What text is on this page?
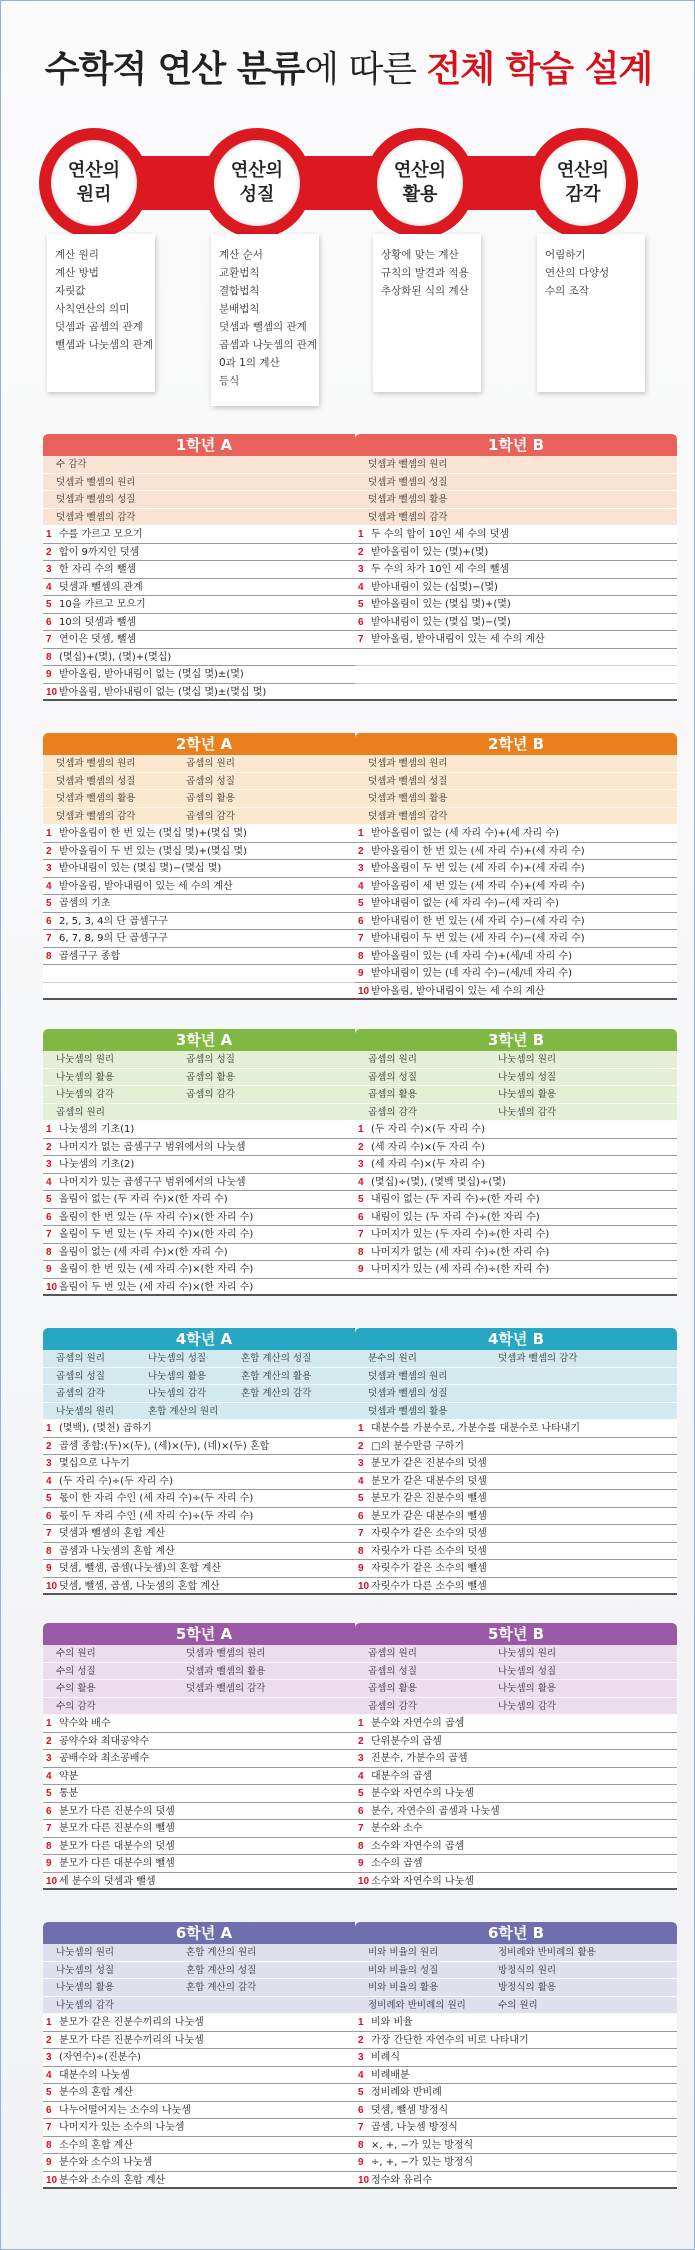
수학적 연산 분류에 따른 전체 학습 설계
연산의
원리
연산의
성질
연산의
활용
연산의
감각
계산 원리
계산 방법
자릿값
사칙연산의 의미
덧셈과 곱셈의 관계
뺄셈과 나눗셈의 관계
계산 순서
교환법칙
결합법칙
분배법칙
덧셈과 뺄셈의 관계
곱셈과 나눗셈의 관계
0과 1의 계산
등식
상황에 맞는 계산
규칙의 발견과 적용
추상화된 식의 계산
어림하기
연산의 다양성
수의 조작
1학년 A
수 감각
덧셈과 뺄셈의 원리
덧셈과 뺄셈의 성질
덧셈과 뺄셈의 감각
1 수를 가르고 모으기
2 합이 9까지인 덧셈
3 한 자리 수의 뺄셈
4 덧셈과 뺄셈의 관계
5 10을 가르고 모으기
6 10의 덧셈과 뺄셈
7 연이은 덧셈, 뺄셈
8 (몇십)+(몇), (몇)+(몇십)
9 받아올림, 받아내림이 없는 (몇십 몇)±(몇)
10 받아올림, 받아내림이 없는 (몇십 몇)±(몇십 몇)
1학년 B
덧셈과 뺄셈의 원리
덧셈과 뺄셈의 성질
덧셈과 뺄셈의 활용
덧셈과 뺄셈의 감각
1 두 수의 합이 10인 세 수의 덧셈
2 받아올림이 있는 (몇)+(몇)
3 두 수의 차가 10인 세 수의 뺄셈
4 받아내림이 있는 (십몇)−(몇)
5 받아올림이 있는 (몇십 몇)+(몇)
6 받아내림이 있는 (몇십 몇)−(몇)
7 받아올림, 받아내림이 있는 세 수의 계산
2학년 A
덧셈과 뺄셈의 원리	곱셈의 원리
덧셈과 뺄셈의 성질	곱셈의 성질
덧셈과 뺄셈의 활용	곱셈의 활용
덧셈과 뺄셈의 감각	곱셈의 감각
1 받아올림이 한 번 있는 (몇십 몇)+(몇십 몇)
2 받아올림이 두 번 있는 (몇십 몇)+(몇십 몇)
3 받아내림이 있는 (몇십 몇)−(몇십 몇)
4 받아올림, 받아내림이 있는 세 수의 계산
5 곱셈의 기초
6 2, 5, 3, 4의 단 곱셈구구
7 6, 7, 8, 9의 단 곱셈구구
8 곱셈구구 종합
2학년 B
덧셈과 뺄셈의 원리
덧셈과 뺄셈의 성질
덧셈과 뺄셈의 활용
덧셈과 뺄셈의 감각
1 받아올림이 없는 (세 자리 수)+(세 자리 수)
2 받아올림이 한 번 있는 (세 자리 수)+(세 자리 수)
3 받아올림이 두 번 있는 (세 자리 수)+(세 자리 수)
4 받아올림이 세 번 있는 (세 자리 수)+(세 자리 수)
5 받아내림이 없는 (세 자리 수)−(세 자리 수)
6 받아내림이 한 번 있는 (세 자리 수)−(세 자리 수)
7 받아내림이 두 번 있는 (세 자리 수)−(세 자리 수)
8 받아올림이 있는 (네 자리 수)+(세/네 자리 수)
9 받아내림이 있는 (네 자리 수)−(세/네 자리 수)
10 받아올림, 받아내림이 있는 세 수의 계산
3학년 A
나눗셈의 원리	곱셈의 성질
나눗셈의 활용	곱셈의 활용
나눗셈의 감각	곱셈의 감각
곱셈의 원리
1 나눗셈의 기초(1)
2 나머지가 없는 곱셈구구 범위에서의 나눗셈
3 나눗셈의 기초(2)
4 나머지가 있는 곱셈구구 범위에서의 나눗셈
5 올림이 없는 (두 자리 수)×(한 자리 수)
6 올림이 한 번 있는 (두 자리 수)×(한 자리 수)
7 올림이 두 번 있는 (두 자리 수)×(한 자리 수)
8 올림이 없는 (세 자리 수)×(한 자리 수)
9 올림이 한 번 있는 (세 자리 수)×(한 자리 수)
10 올림이 두 번 있는 (세 자리 수)×(한 자리 수)
3학년 B
곱셈의 원리	나눗셈의 원리
곱셈의 성질	나눗셈의 성질
곱셈의 활용	나눗셈의 활용
곱셈의 감각	나눗셈의 감각
1 (두 자리 수)×(두 자리 수)
2 (세 자리 수)×(두 자리 수)
3 (세 자리 수)×(두 자리 수)
4 (몇십)÷(몇), (몇백 몇십)÷(몇)
5 내림이 없는 (두 자리 수)÷(한 자리 수)
6 내림이 있는 (두 자리 수)÷(한 자리 수)
7 나머지가 있는 (두 자리 수)÷(한 자리 수)
8 나머지가 없는 (세 자리 수)÷(한 자리 수)
9 나머지가 있는 (세 자리 수)÷(한 자리 수)
4학년 A
곱셈의 원리	나눗셈의 성질	혼합 계산의 성질
곱셈의 성질	나눗셈의 활용	혼합 계산의 활용
곱셈의 감각	나눗셈의 감각	혼합 계산의 감각
나눗셈의 원리	혼합 계산의 원리
1 (몇백), (몇천) 곱하기
2 곱셈 종합:(두)×(두), (세)×(두), (네)×(두) 혼합
3 몇십으로 나누기
4 (두 자리 수)÷(두 자리 수)
5 몫이 한 자리 수인 (세 자리 수)÷(두 자리 수)
6 몫이 두 자리 수인 (세 자리 수)÷(두 자리 수)
7 덧셈과 뺄셈의 혼합 계산
8 곱셈과 나눗셈의 혼합 계산
9 덧셈, 뺄셈, 곱셈(나눗셈)의 혼합 계산
10 덧셈, 뺄셈, 곱셈, 나눗셈의 혼합 계산
4학년 B
분수의 원리	덧셈과 뺄셈의 감각
덧셈과 뺄셈의 원리
덧셈과 뺄셈의 성질
덧셈과 뺄셈의 활용
1 대분수를 가분수로, 가분수를 대분수로 나타내기
2 □의 분수만큼 구하기
3 분모가 같은 진분수의 덧셈
4 분모가 같은 대분수의 덧셈
5 분모가 같은 진분수의 뺄셈
6 분모가 같은 대분수의 뺄셈
7 자릿수가 같은 소수의 덧셈
8 자릿수가 다른 소수의 덧셈
9 자릿수가 같은 소수의 뺄셈
10 자릿수가 다른 소수의 뺄셈
5학년 A
수의 원리	덧셈과 뺄셈의 원리
수의 성질	덧셈과 뺄셈의 활용
수의 활용	덧셈과 뺄셈의 감각
수의 감각
1 약수와 배수
2 공약수와 최대공약수
3 공배수와 최소공배수
4 약분
5 통분
6 분모가 다른 진분수의 덧셈
7 분모가 다른 진분수의 뺄셈
8 분모가 다른 대분수의 덧셈
9 분모가 다른 대분수의 뺄셈
10 세 분수의 덧셈과 뺄셈
5학년 B
곱셈의 원리	나눗셈의 원리
곱셈의 성질	나눗셈의 성질
곱셈의 활용	나눗셈의 활용
곱셈의 감각	나눗셈의 감각
1 분수와 자연수의 곱셈
2 단위분수의 곱셈
3 진분수, 가분수의 곱셈
4 대분수의 곱셈
5 분수와 자연수의 나눗셈
6 분수, 자연수의 곱셈과 나눗셈
7 분수와 소수
8 소수와 자연수의 곱셈
9 소수의 곱셈
10 소수와 자연수의 나눗셈
6학년 A
나눗셈의 원리	혼합 계산의 원리
나눗셈의 성질	혼합 계산의 성질
나눗셈의 활용	혼합 계산의 감각
나눗셈의 감각
1 분모가 같은 진분수끼리의 나눗셈
2 분모가 다른 진분수끼리의 나눗셈
3 (자연수)÷(진분수)
4 대분수의 나눗셈
5 분수의 혼합 계산
6 나누어떨어지는 소수의 나눗셈
7 나머지가 있는 소수의 나눗셈
8 소수의 혼합 계산
9 분수와 소수의 나눗셈
10 분수와 소수의 혼합 계산
6학년 B
비와 비율의 원리	정비례와 반비례의 활용
비와 비율의 성질	방정식의 원리
비와 비율의 활용	방정식의 활용
정비례와 반비례의 원리	수의 원리
1 비와 비율
2 가장 간단한 자연수의 비로 나타내기
3 비례식
4 비례배분
5 정비례와 반비례
6 덧셈, 뺄셈 방정식
7 곱셈, 나눗셈 방정식
8 ×, +, −가 있는 방정식
9 ÷, +, −가 있는 방정식
10 정수와 유리수
